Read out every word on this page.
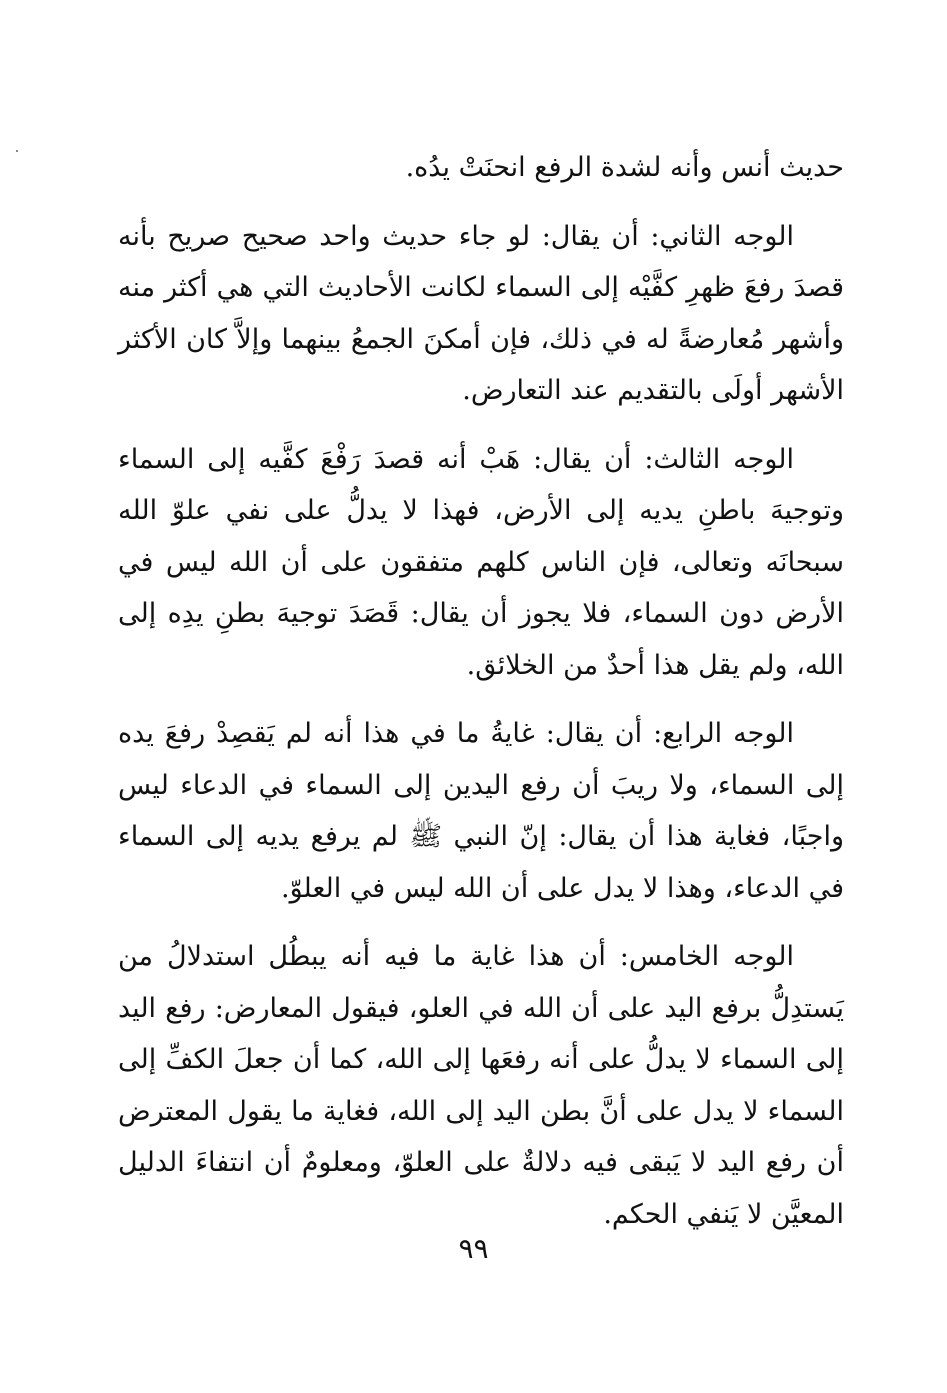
حديث أنس وأنه لشدة الرفع انحنَتْ يدُه.

الوجه الثاني: أن يقال: لو جاء حديث واحد صحيح صريح بأنه قصدَ رفعَ ظهرِ كفَّيْه إلى السماء لكانت الأحاديث التي هي أكثر منه وأشهر مُعارضةً له في ذلك، فإن أمكنَ الجمعُ بينهما وإلاَّ كان الأكثر الأشهر أولَى بالتقديم عند التعارض.

الوجه الثالث: أن يقال: هَبْ أنه قصدَ رَفْعَ كفَّيه إلى السماء وتوجيهَ باطنِ يديه إلى الأرض، فهذا لا يدلُّ على نفي علوّ الله سبحانَه وتعالى، فإن الناس كلهم متفقون على أن الله ليس في الأرض دون السماء، فلا يجوز أن يقال: قَصَدَ توجيهَ بطنِ يدِه إلى الله، ولم يقل هذا أحدٌ من الخلائق.

الوجه الرابع: أن يقال: غايةُ ما في هذا أنه لم يَقصِدْ رفعَ يده إلى السماء، ولا ريبَ أن رفع اليدين إلى السماء في الدعاء ليس واجبًا، فغاية هذا أن يقال: إنّ النبي ﷺ لم يرفع يديه إلى السماء في الدعاء، وهذا لا يدل على أن الله ليس في العلوّ.

الوجه الخامس: أن هذا غاية ما فيه أنه يبطُل استدلالُ من يَستدِلُّ برفع اليد على أن الله في العلو، فيقول المعارض: رفع اليد إلى السماء لا يدلُّ على أنه رفعَها إلى الله، كما أن جعلَ الكفِّ إلى السماء لا يدل على أنَّ بطن اليد إلى الله، فغاية ما يقول المعترض أن رفع اليد لا يَبقى فيه دلالةٌ على العلوّ، ومعلومٌ أن انتفاءَ الدليل المعيَّن لا يَنفي الحكم.

٩٩
